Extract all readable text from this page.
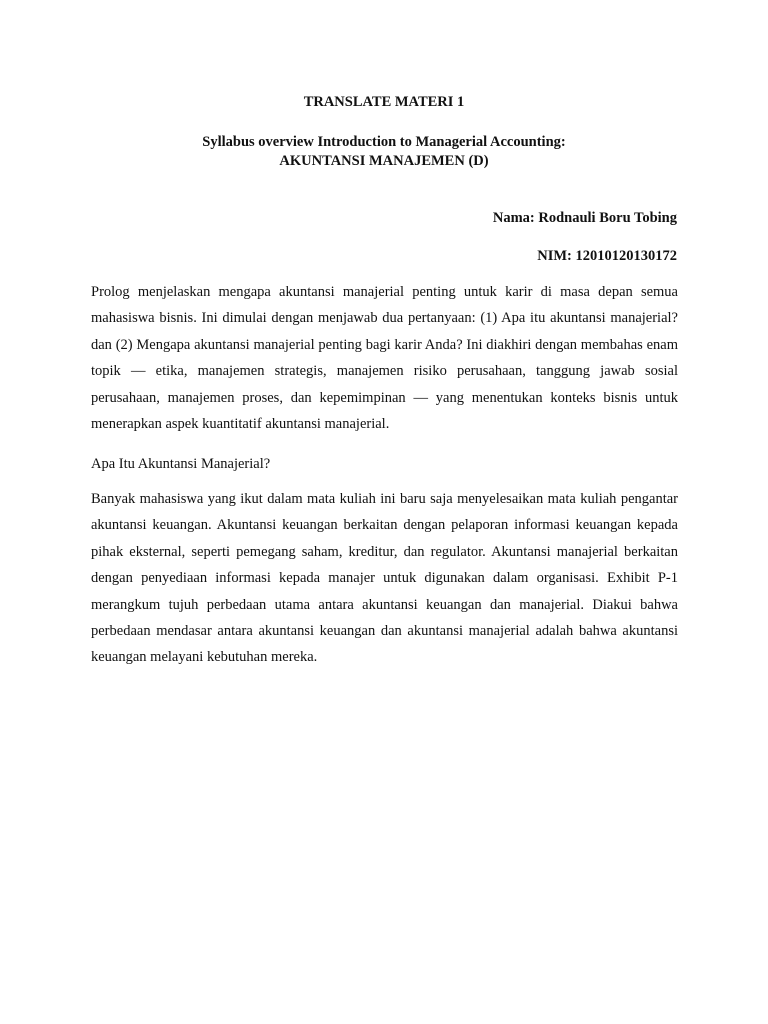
TRANSLATE MATERI 1

Syllabus overview Introduction to Managerial Accounting:

AKUNTANSI MANAJEMEN (D)

Nama: Rodnauli Boru Tobing

NIM: 12010120130172

Prolog menjelaskan mengapa akuntansi manajerial penting untuk karir di masa depan semua mahasiswa bisnis. Ini dimulai dengan menjawab dua pertanyaan: (1) Apa itu akuntansi manajerial? dan (2) Mengapa akuntansi manajerial penting bagi karir Anda? Ini diakhiri dengan membahas enam topik — etika, manajemen strategis, manajemen risiko perusahaan, tanggung jawab sosial perusahaan, manajemen proses, dan kepemimpinan — yang menentukan konteks bisnis untuk menerapkan aspek kuantitatif akuntansi manajerial.

Apa Itu Akuntansi Manajerial?

Banyak mahasiswa yang ikut dalam mata kuliah ini baru saja menyelesaikan mata kuliah pengantar akuntansi keuangan. Akuntansi keuangan berkaitan dengan pelaporan informasi keuangan kepada pihak eksternal, seperti pemegang saham, kreditur, dan regulator. Akuntansi manajerial berkaitan dengan penyediaan informasi kepada manajer untuk digunakan dalam organisasi. Exhibit P-1 merangkum tujuh perbedaan utama antara akuntansi keuangan dan manajerial. Diakui bahwa perbedaan mendasar antara akuntansi keuangan dan akuntansi manajerial adalah bahwa akuntansi keuangan melayani kebutuhan mereka.
